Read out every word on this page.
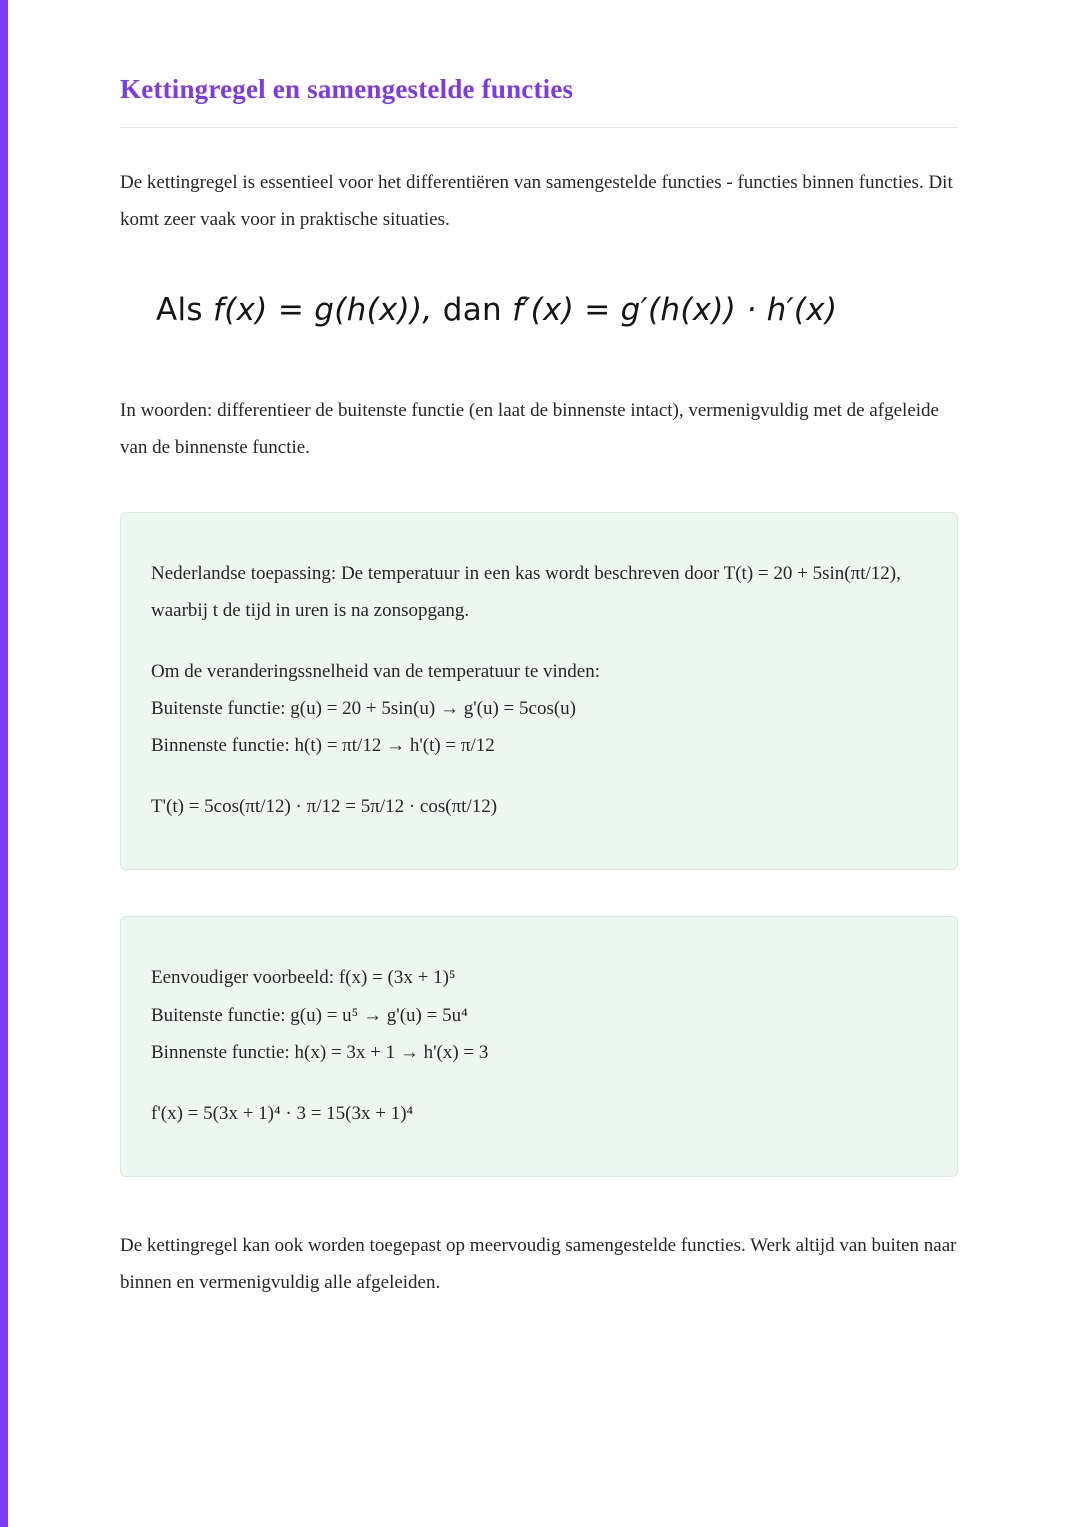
Kettingregel en samengestelde functies

De kettingregel is essentieel voor het differentiëren van samengestelde functies - functies binnen functies. Dit komt zeer vaak voor in praktische situaties.

Als f(x) = g(h(x)), dan f′(x) = g′(h(x)) · h′(x)

In woorden: differentieer de buitenste functie (en laat de binnenste intact), vermenigvuldig met de afgeleide van de binnenste functie.

Nederlandse toepassing: De temperatuur in een kas wordt beschreven door T(t) = 20 + 5sin(πt/12), waarbij t de tijd in uren is na zonsopgang.

Om de veranderingssnelheid van de temperatuur te vinden:
Buitenste functie: g(u) = 20 + 5sin(u) → g'(u) = 5cos(u)
Binnenste functie: h(t) = πt/12 → h'(t) = π/12

T'(t) = 5cos(πt/12) · π/12 = 5π/12 · cos(πt/12)

Eenvoudiger voorbeeld: f(x) = (3x + 1)⁵
Buitenste functie: g(u) = u⁵ → g'(u) = 5u⁴
Binnenste functie: h(x) = 3x + 1 → h'(x) = 3

f'(x) = 5(3x + 1)⁴ · 3 = 15(3x + 1)⁴

De kettingregel kan ook worden toegepast op meervoudig samengestelde functies. Werk altijd van buiten naar binnen en vermenigvuldig alle afgeleiden.
